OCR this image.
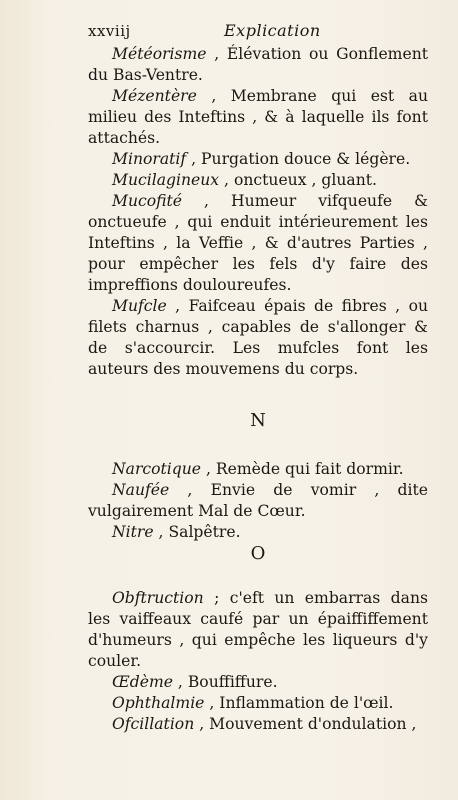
xxviij	Explication

Météorisme , Élévation ou Gonflement du Bas-Ventre.

Mézentère , Membrane qui est au milieu des Inteftins , & à laquelle ils font attachés.

Minoratif , Purgation douce & légère.

Mucilagineux , onctueux , gluant.

Mucofité , Humeur vifqueufe & onctueufe , qui enduit intérieurement les Inteftins , la Veffie , & d'autres Parties , pour empêcher les fels d'y faire des impreffions douloureufes.

Mufcle , Faifceau épais de fibres , ou filets charnus , capables de s'allonger & de s'accourcir. Les mufcles font les auteurs des mouvemens du corps.

N

Narcotique , Remède qui fait dormir.

Naufée , Envie de vomir , dite vulgairement Mal de Cœur.

Nitre , Salpêtre.

O

Obftruction ; c'eft un embarras dans les vaiffeaux caufé par un épaiffiffement d'humeurs , qui empêche les liqueurs d'y couler.

Œdème , Bouffiffure.

Ophthalmie , Inflammation de l'œil.

Ofcillation , Mouvement d'ondulation ,
